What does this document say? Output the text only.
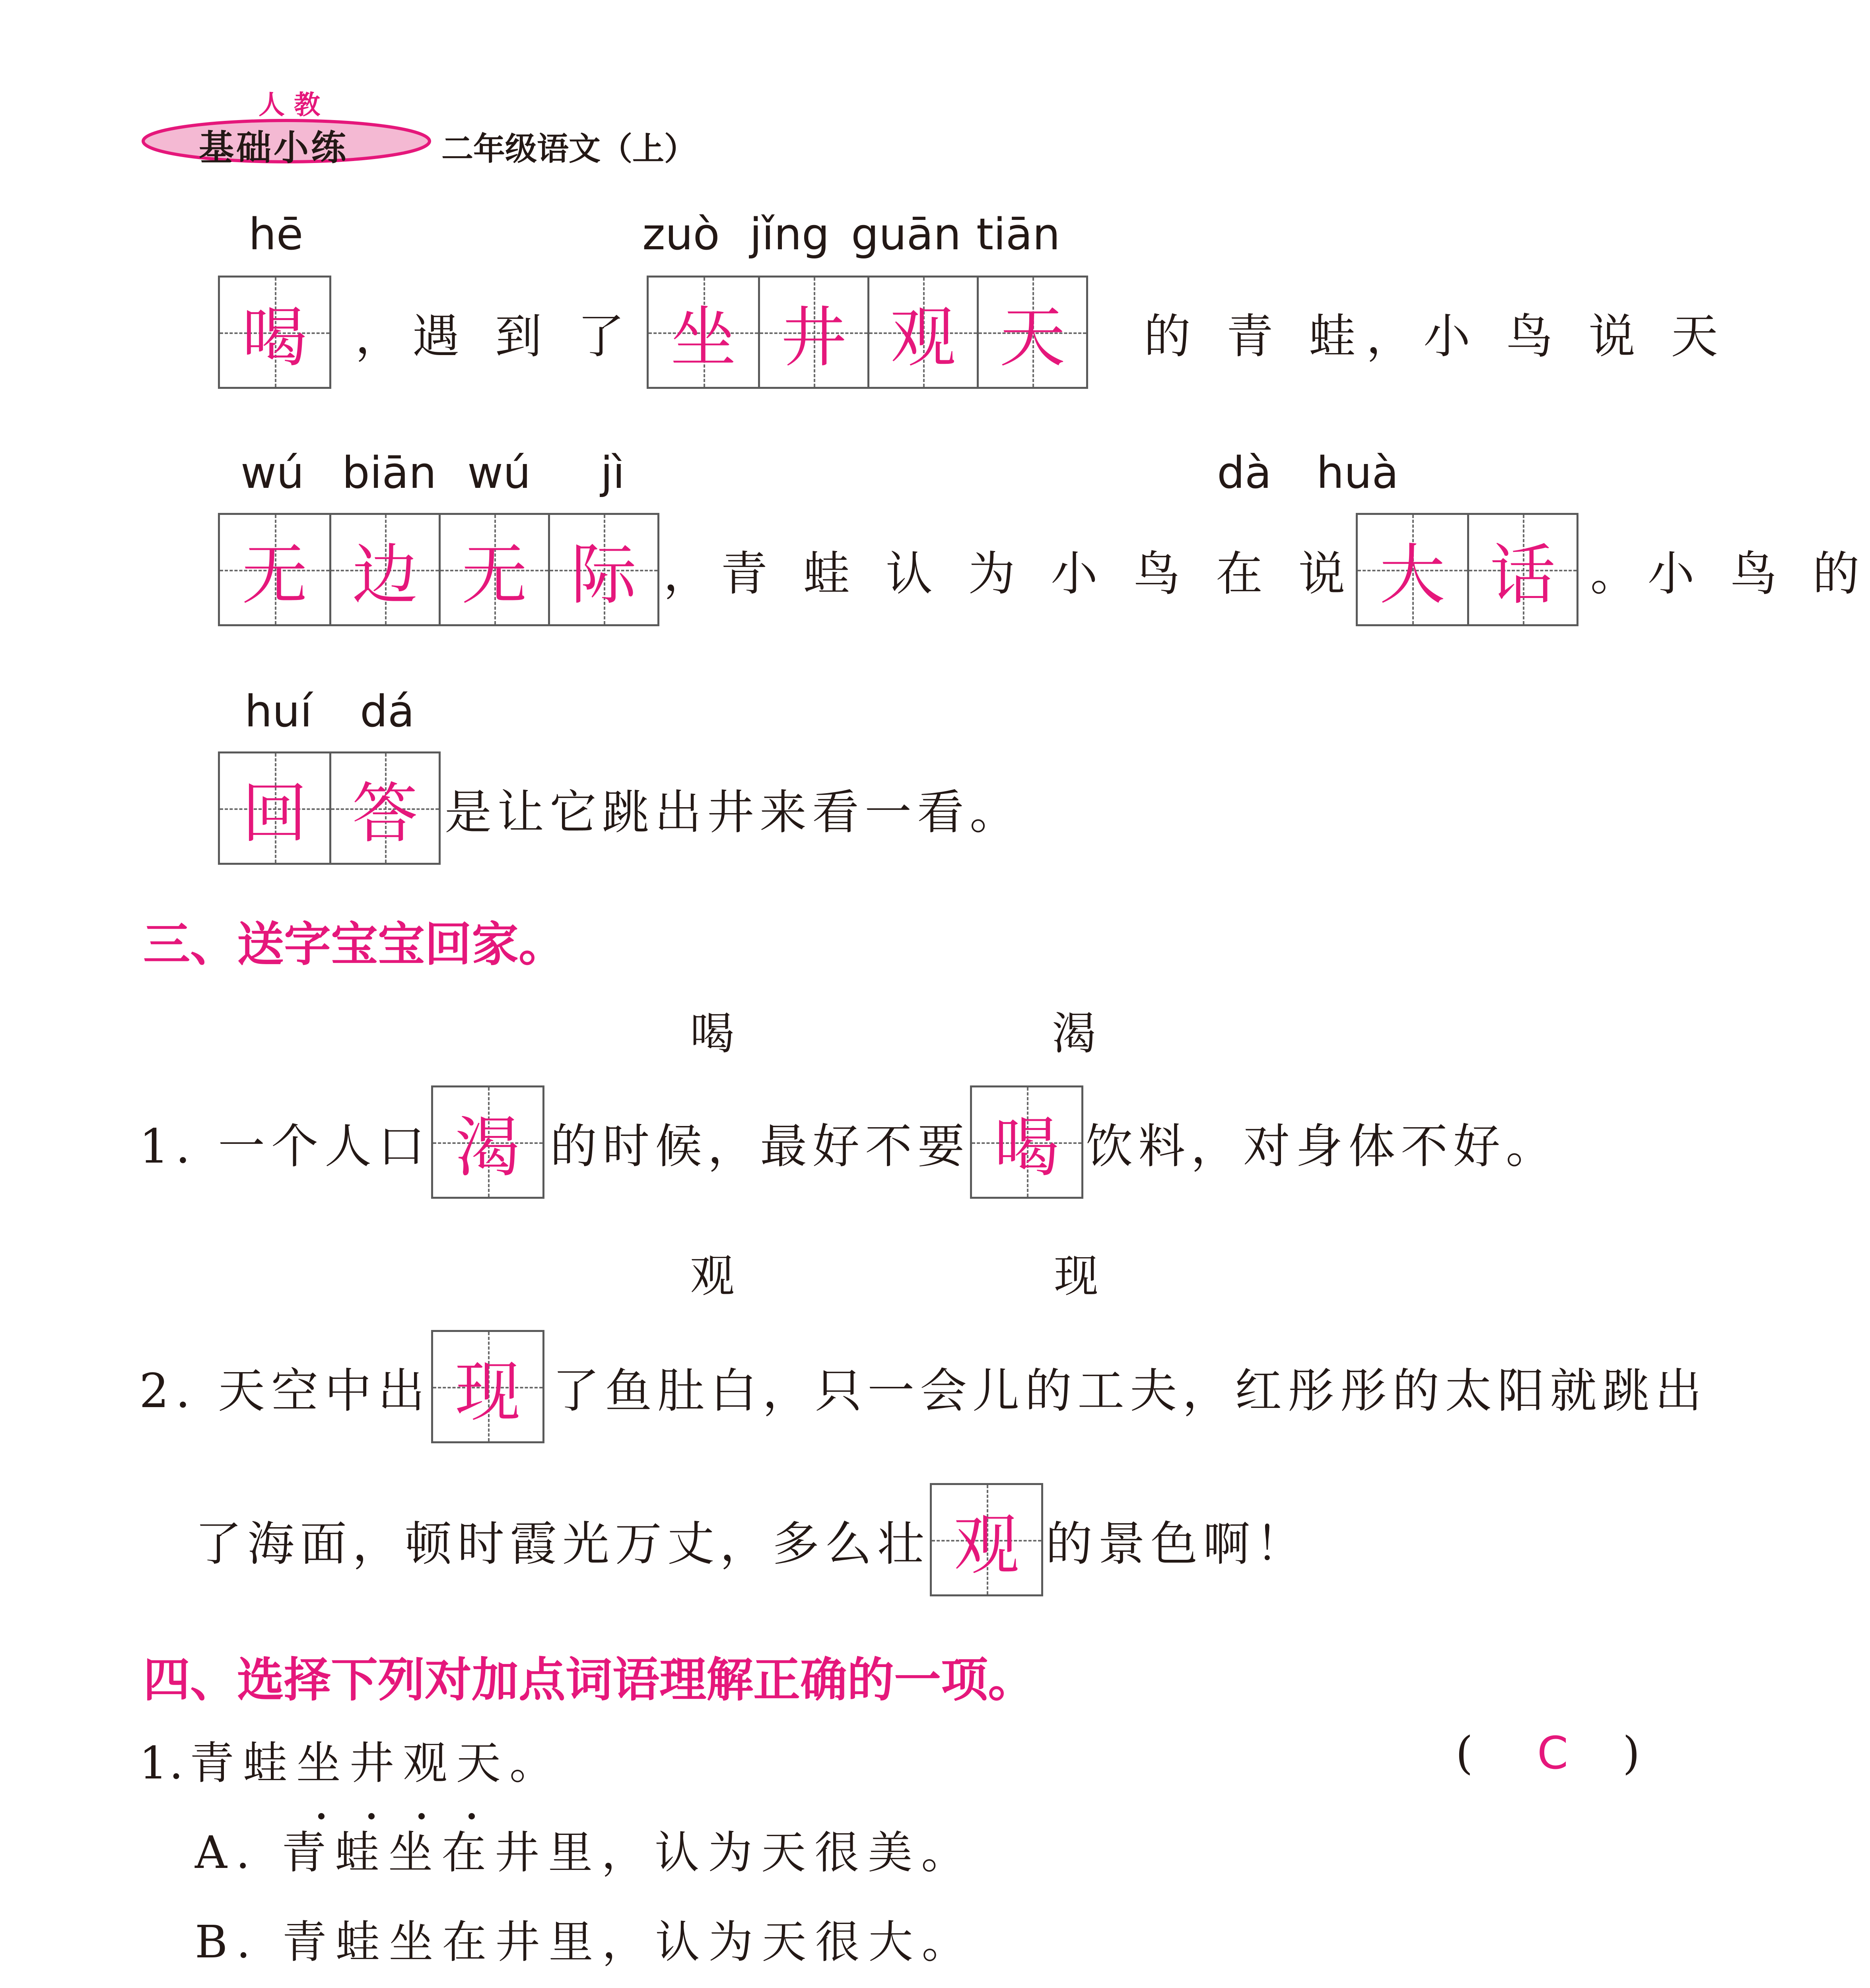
人 教
基础小练	二年级语文（上）
hē	zuò jǐng guān tiān
喝	，遇 到 了 坐 井 观 天	的 青 蛙，小 鸟 说 天
wú biān wú jì	dà huà
无 边 无 际 ，青 蛙 认 为 小 鸟 在 说 大 话 。小 鸟 的
huí dá
回 答 是让它跳出井来看一看。
三、送字宝宝回家。
喝	渴
1. 一个人口 渴 的时候，最好不要 喝 饮料，对身体不好。
观	现
2. 天空中出 现 了鱼肚白，只一会儿的工夫，红彤彤的太阳就跳出
了海面，顿时霞光万丈，多么壮 观 的景色啊！
四、选择下列对加点词语理解正确的一项。
1. 青蛙 坐井观天 。	( C )
A. 青蛙坐在井里，认为天很美。
B. 青蛙坐在井里，认为天很大。
